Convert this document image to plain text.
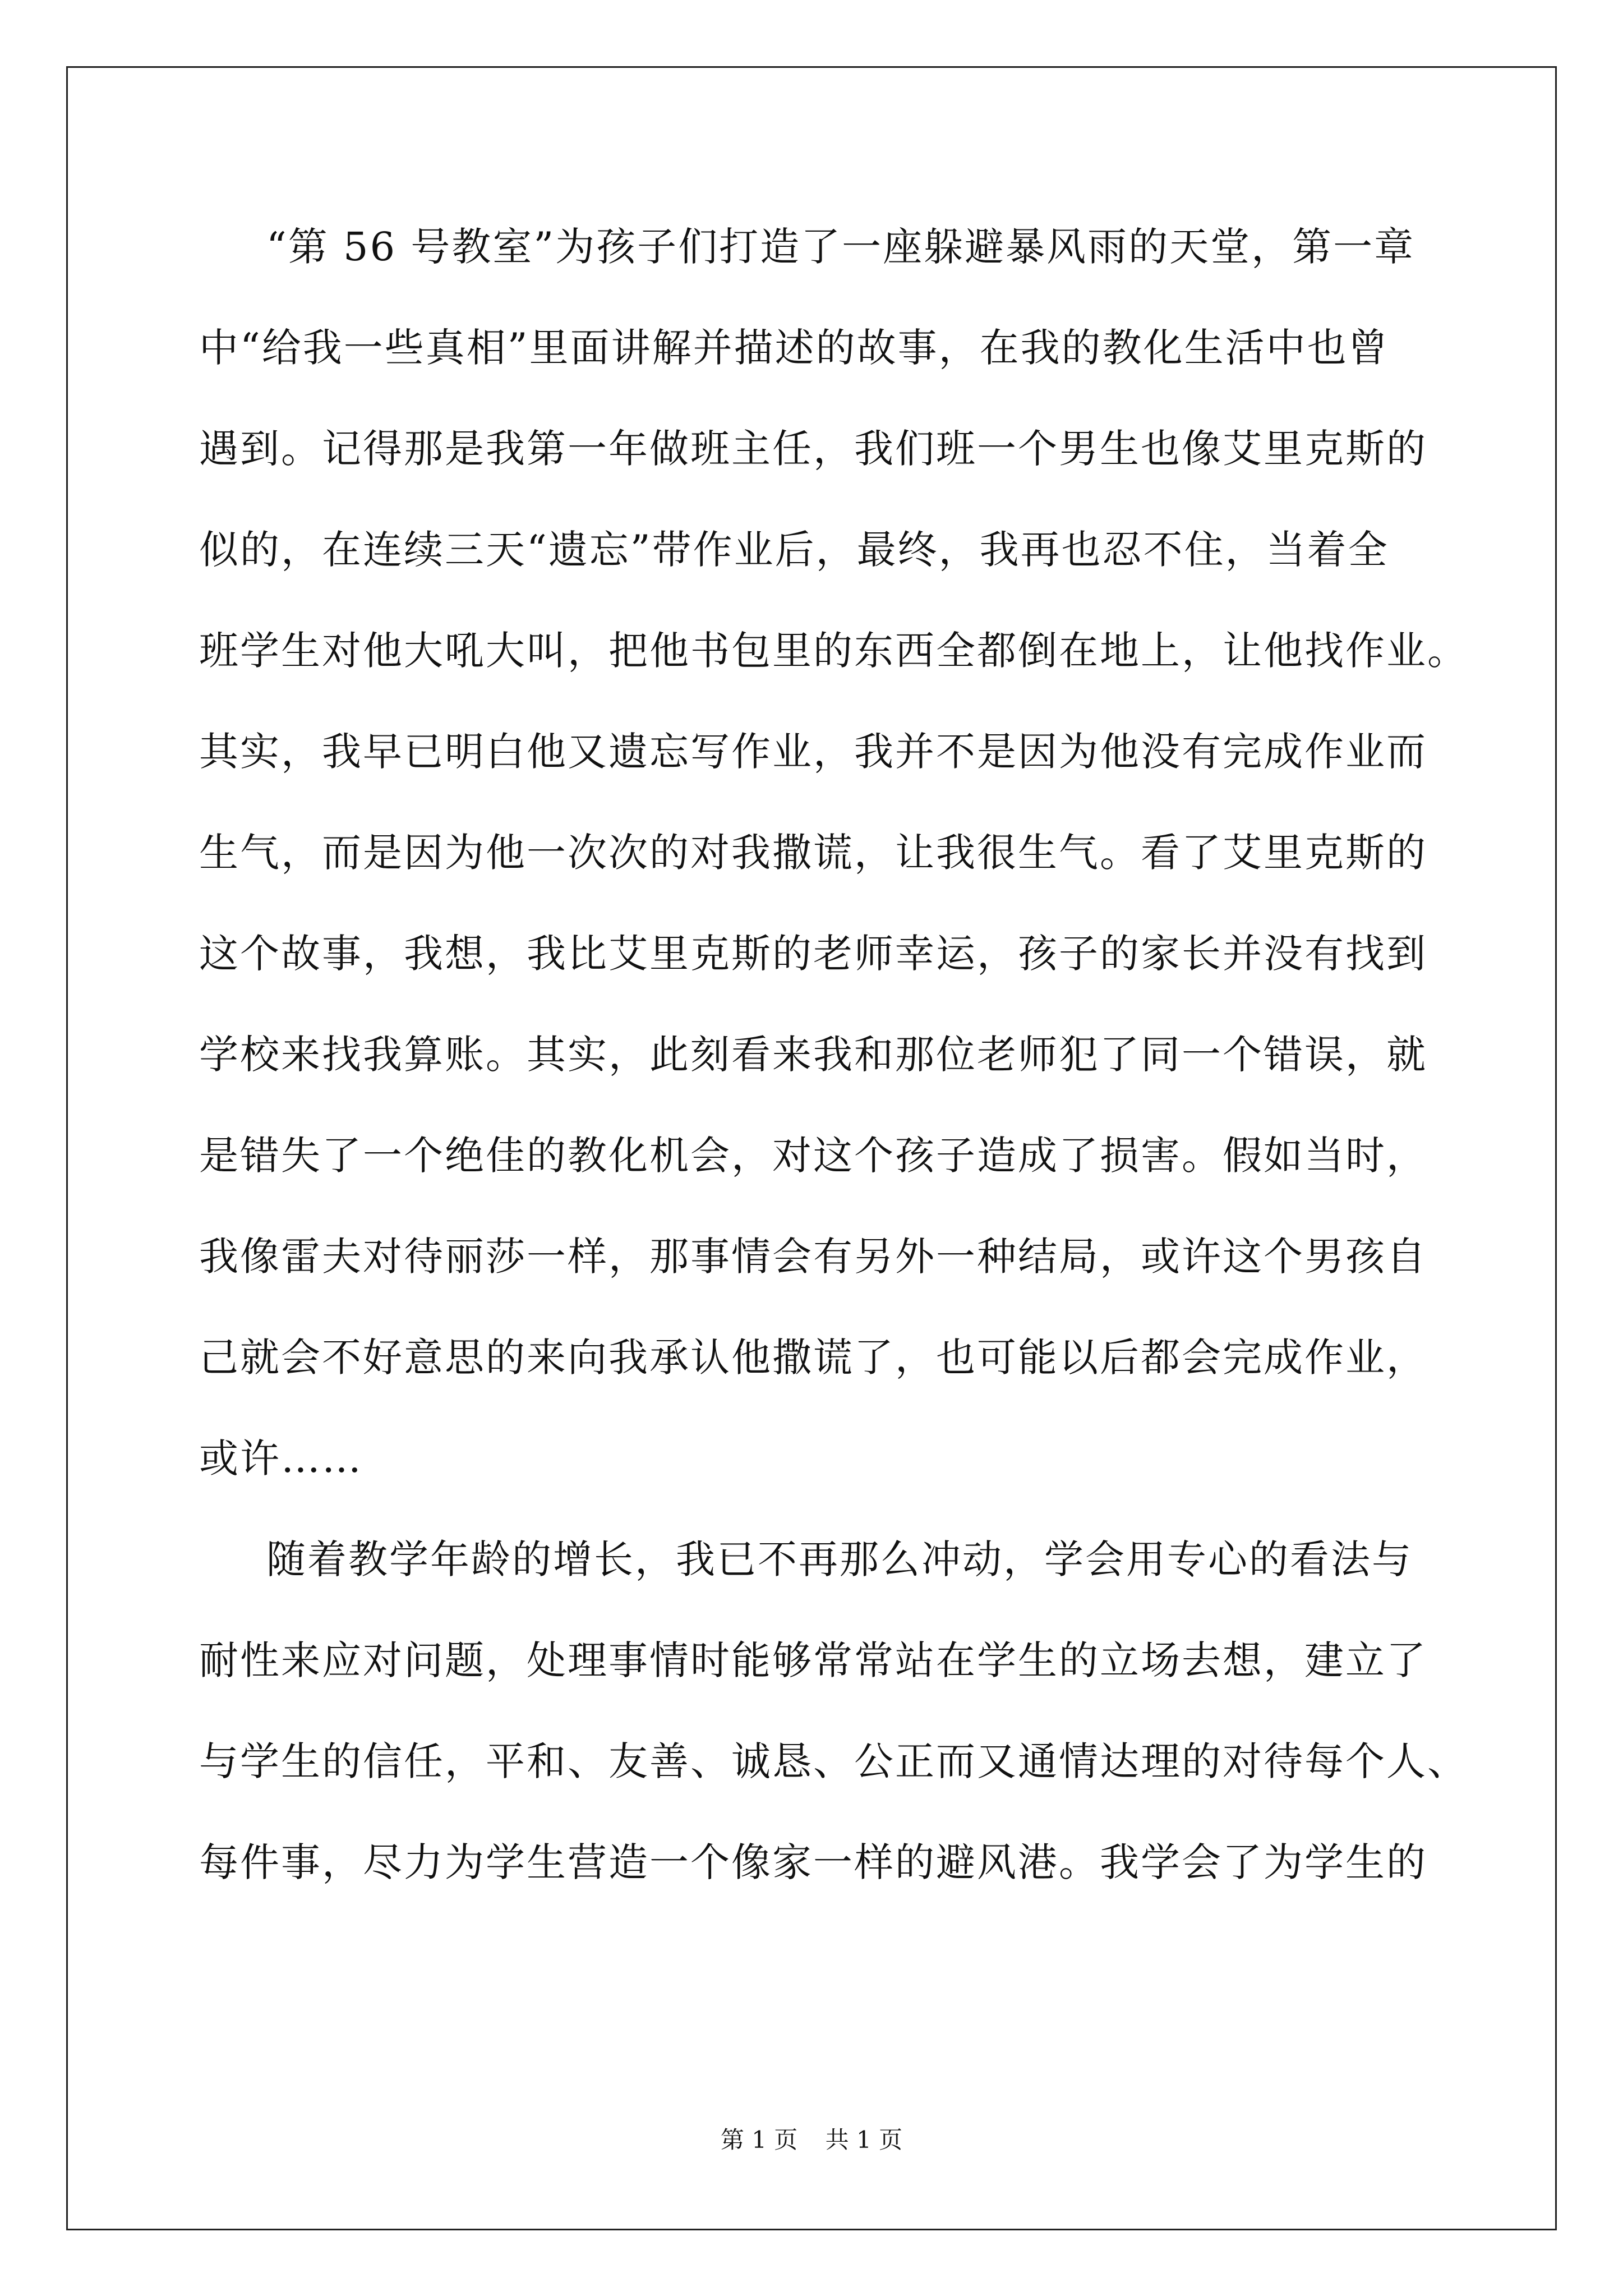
“第 56 号教室”为孩子们打造了一座躲避暴风雨的天堂，第一章
中“给我一些真相”里面讲解并描述的故事，在我的教化生活中也曾
遇到。记得那是我第一年做班主任，我们班一个男生也像艾里克斯的
似的，在连续三天“遗忘”带作业后，最终，我再也忍不住，当着全
班学生对他大吼大叫，把他书包里的东西全都倒在地上，让他找作业。
其实，我早已明白他又遗忘写作业，我并不是因为他没有完成作业而
生气，而是因为他一次次的对我撒谎，让我很生气。看了艾里克斯的
这个故事，我想，我比艾里克斯的老师幸运，孩子的家长并没有找到
学校来找我算账。其实，此刻看来我和那位老师犯了同一个错误，就
是错失了一个绝佳的教化机会，对这个孩子造成了损害。假如当时，
我像雷夫对待丽莎一样，那事情会有另外一种结局，或许这个男孩自
己就会不好意思的来向我承认他撒谎了，也可能以后都会完成作业，
或许……
随着教学年龄的增长，我已不再那么冲动，学会用专心的看法与
耐性来应对问题，处理事情时能够常常站在学生的立场去想，建立了
与学生的信任，平和、友善、诚恳、公正而又通情达理的对待每个人、
每件事，尽力为学生营造一个像家一样的避风港。我学会了为学生的
第 1 页 共 1 页
